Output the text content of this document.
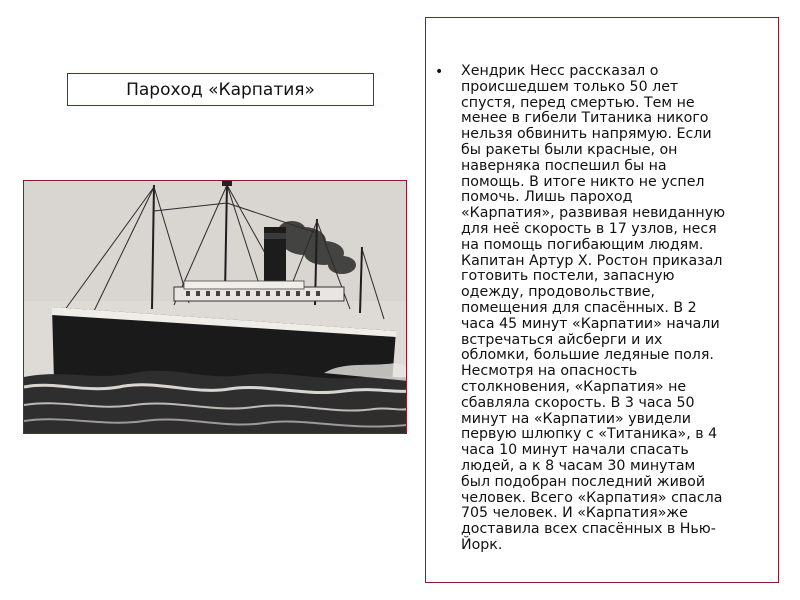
Пароход «Карпатия»
• Хендрик Несс рассказал о
происшедшем только 50 лет
спустя, перед смертью. Тем не
менее в гибели Титаника никого
нельзя обвинить напрямую. Если
бы ракеты были красные, он
наверняка поспешил бы на
помощь. В итоге никто не успел
помочь. Лишь пароход
«Карпатия», развивая невиданную
для неё скорость в 17 узлов, неся
на помощь погибающим людям.
Капитан Артур Х. Ростон приказал
готовить постели, запасную
одежду, продовольствие,
помещения для спасённых. В 2
часа 45 минут «Карпатии» начали
встречаться айсберги и их
обломки, большие ледяные поля.
Несмотря на опасность
столкновения, «Карпатия» не
сбавляла скорость. В 3 часа 50
минут на «Карпатии» увидели
первую шлюпку с «Титаника», в 4
часа 10 минут начали спасать
людей, а к 8 часам 30 минутам
был подобран последний живой
человек. Всего «Карпатия» спасла
705 человек. И «Карпатия»же
доставила всех спасённых в Нью-
Йорк.
